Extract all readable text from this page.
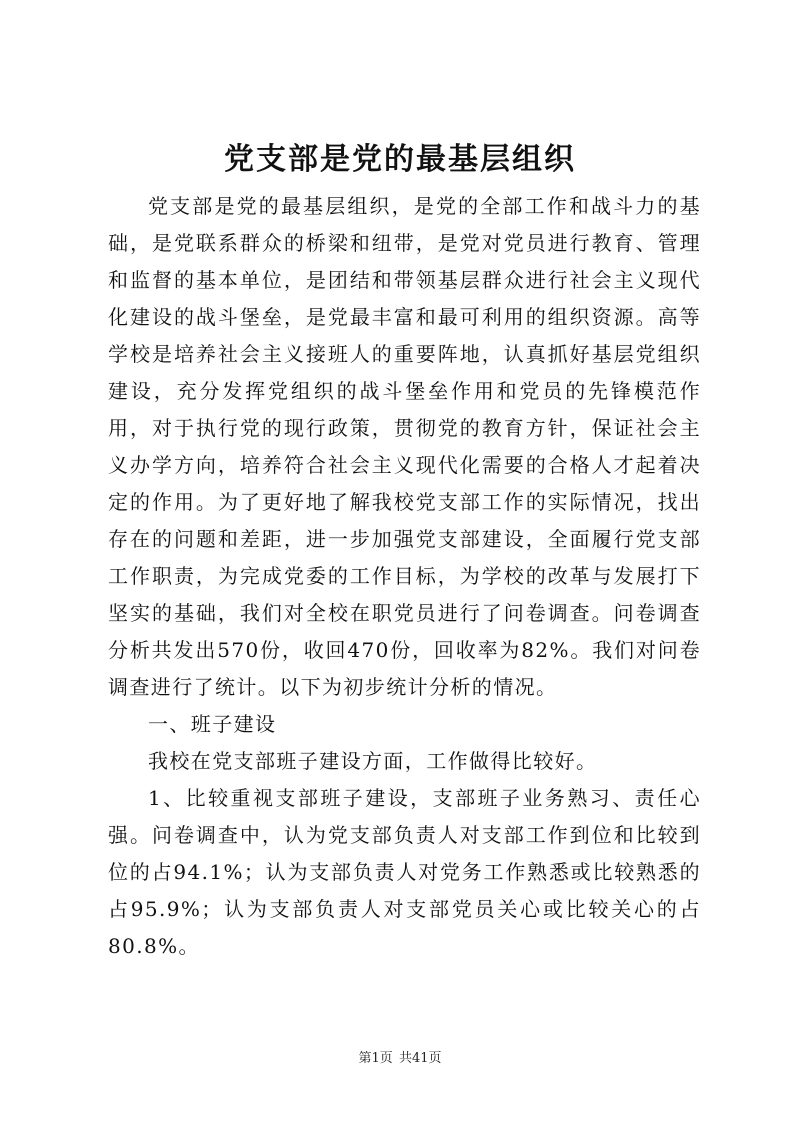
党支部是党的最基层组织

党支部是党的最基层组织，是党的全部工作和战斗力的基础，是党联系群众的桥梁和纽带，是党对党员进行教育、管理和监督的基本单位，是团结和带领基层群众进行社会主义现代化建设的战斗堡垒，是党最丰富和最可利用的组织资源。高等学校是培养社会主义接班人的重要阵地，认真抓好基层党组织建设，充分发挥党组织的战斗堡垒作用和党员的先锋模范作用，对于执行党的现行政策，贯彻党的教育方针，保证社会主义办学方向，培养符合社会主义现代化需要的合格人才起着决定的作用。为了更好地了解我校党支部工作的实际情况，找出存在的问题和差距，进一步加强党支部建设，全面履行党支部工作职责，为完成党委的工作目标，为学校的改革与发展打下坚实的基础，我们对全校在职党员进行了问卷调查。问卷调查分析共发出570份，收回470份，回收率为82%。我们对问卷调查进行了统计。以下为初步统计分析的情况。

一、班子建设

我校在党支部班子建设方面，工作做得比较好。

1、比较重视支部班子建设，支部班子业务熟习、责任心强。问卷调查中，认为党支部负责人对支部工作到位和比较到位的占94.1%；认为支部负责人对党务工作熟悉或比较熟悉的占95.9%；认为支部负责人对支部党员关心或比较关心的占80.8%。

第1页 共41页
